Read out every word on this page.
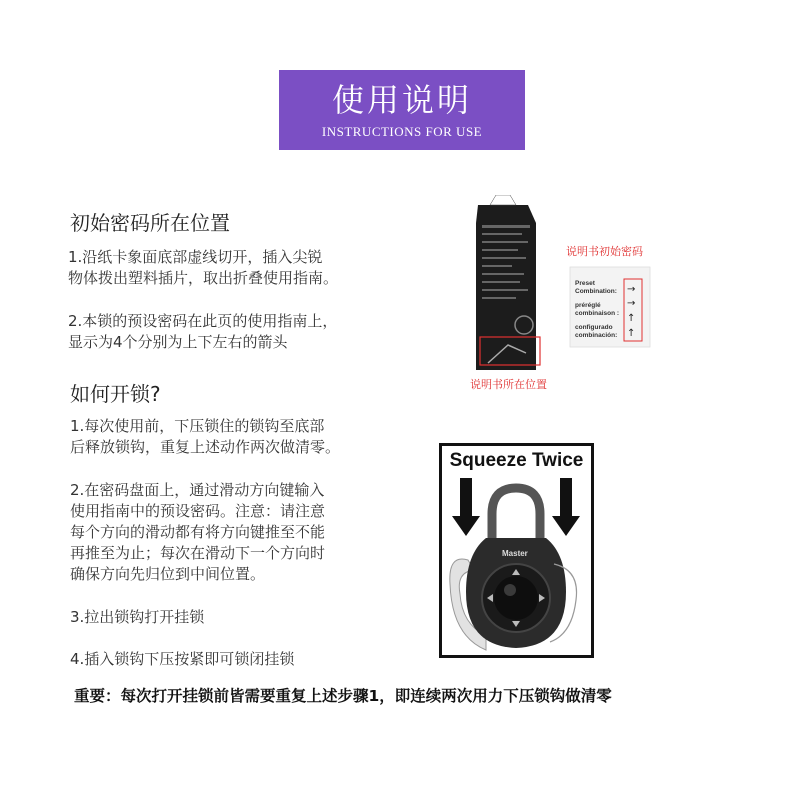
使用说明
INSTRUCTIONS FOR USE
初始密码所在位置
1.沿纸卡象面底部虚线切开，插入尖锐
物体拨出塑料插片，取出折叠使用指南。
2.本锁的预设密码在此页的使用指南上，
显示为4个分别为上下左右的箭头
如何开锁?
1.每次使用前，下压锁住的锁钩至底部
后释放锁钩，重复上述动作两次做清零。
2.在密码盘面上，通过滑动方向键输入
使用指南中的预设密码。注意：请注意
每个方向的滑动都有将方向键推至不能
再推至为止；每次在滑动下一个方向时
确保方向先归位到中间位置。
3.拉出锁钩打开挂锁
4.插入锁钩下压按紧即可锁闭挂锁
重要：每次打开挂锁前皆需要重复上述步骤1，即连续两次用力下压锁钩做清零
Preset
Combination:
préréglé
combinaison :
configurado
combinación:
→
→
↑
↑
说明书初始密码
说明书所在位置
Squeeze Twice
Master
